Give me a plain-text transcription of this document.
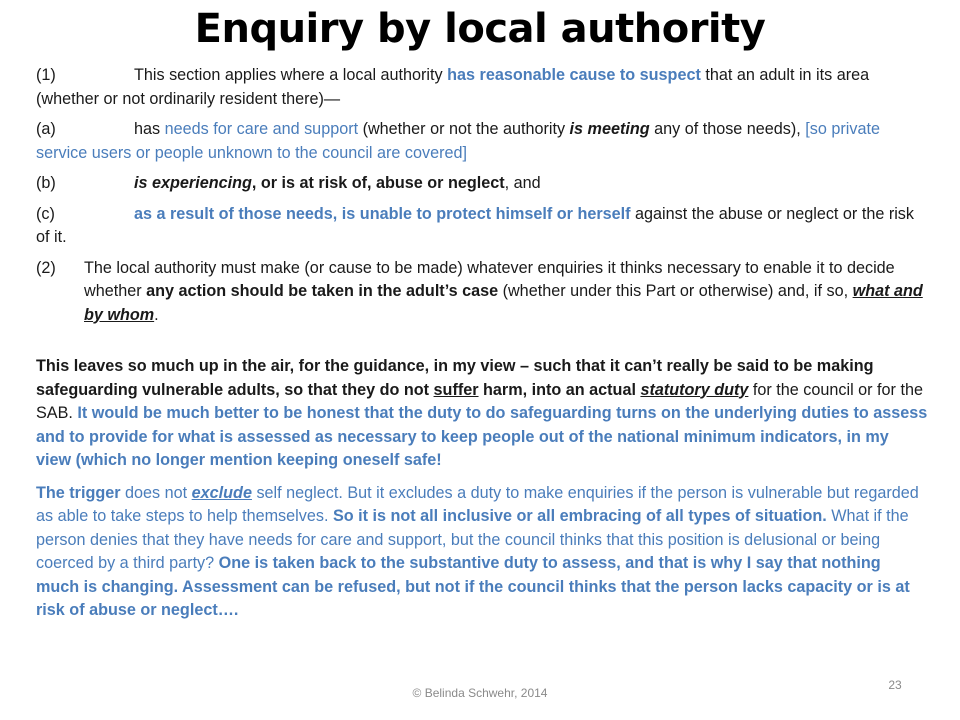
Enquiry by local authority

(1)	This section applies where a local authority has reasonable cause to suspect that an adult in its area (whether or not ordinarily resident there)—

(a)	has needs for care and support (whether or not the authority is meeting any of those needs), [so private service users or people unknown to the council are covered]

(b)	is experiencing, or is at risk of, abuse or neglect, and

(c)	as a result of those needs, is unable to protect himself or herself against the abuse or neglect or the risk of it.

(2) The local authority must make (or cause to be made) whatever enquiries it thinks necessary to enable it to decide whether any action should be taken in the adult’s case (whether under this Part or otherwise) and, if so, what and by whom.

This leaves so much up in the air, for the guidance, in my view – such that it can’t really be said to be making safeguarding vulnerable adults, so that they do not suffer harm, into an actual statutory duty for the council or for the SAB. It would be much better to be honest that the duty to do safeguarding turns on the underlying duties to assess and to provide for what is assessed as necessary to keep people out of the national minimum indicators, in my view (which no longer mention keeping oneself safe!

The trigger does not exclude self neglect. But it excludes a duty to make enquiries if the person is vulnerable but regarded as able to take steps to help themselves. So it is not all inclusive or all embracing of all types of situation. What if the person denies that they have needs for care and support, but the council thinks that this position is delusional or being coerced by a third party? One is taken back to the substantive duty to assess, and that is why I say that nothing much is changing. Assessment can be refused, but not if the council thinks that the person lacks capacity or is at risk of abuse or neglect….

© Belinda Schwehr, 2014
23
